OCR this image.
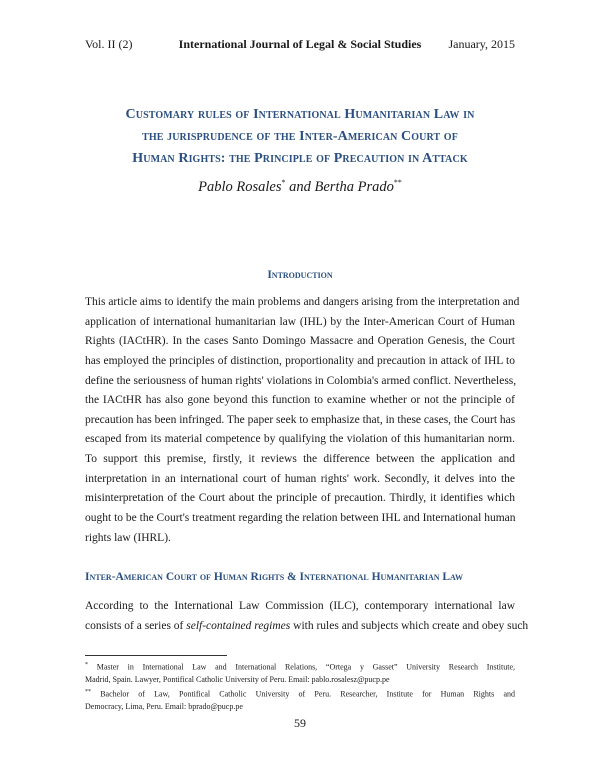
Vol. II (2)	International Journal of Legal & Social Studies	January, 2015
Customary rules of International Humanitarian Law in
the jurisprudence of the Inter-American Court of
Human Rights: the Principle of Precaution in Attack
Pablo Rosales* and Bertha Prado**
Introduction
This article aims to identify the main problems and dangers arising from the interpretation and
application of international humanitarian law (IHL) by the Inter-American Court of Human
Rights (IACtHR). In the cases Santo Domingo Massacre and Operation Genesis, the Court
has employed the principles of distinction, proportionality and precaution in attack of IHL to
define the seriousness of human rights' violations in Colombia's armed conflict. Nevertheless,
the IACtHR has also gone beyond this function to examine whether or not the principle of
precaution has been infringed. The paper seek to emphasize that, in these cases, the Court has
escaped from its material competence by qualifying the violation of this humanitarian norm.
To support this premise, firstly, it reviews the difference between the application and
interpretation in an international court of human rights' work. Secondly, it delves into the
misinterpretation of the Court about the principle of precaution. Thirdly, it identifies which
ought to be the Court's treatment regarding the relation between IHL and International human
rights law (IHRL).
Inter-American Court of Human Rights & International Humanitarian Law
According to the International Law Commission (ILC), contemporary international law
consists of a series of self-contained regimes with rules and subjects which create and obey such
* Master in International Law and International Relations, “Ortega y Gasset” University Research Institute,
Madrid, Spain. Lawyer, Pontifical Catholic University of Peru. Email: pablo.rosalesz@pucp.pe
** Bachelor of Law, Pontifical Catholic University of Peru. Researcher, Institute for Human Rights and
Democracy, Lima, Peru. Email: bprado@pucp.pe
59
